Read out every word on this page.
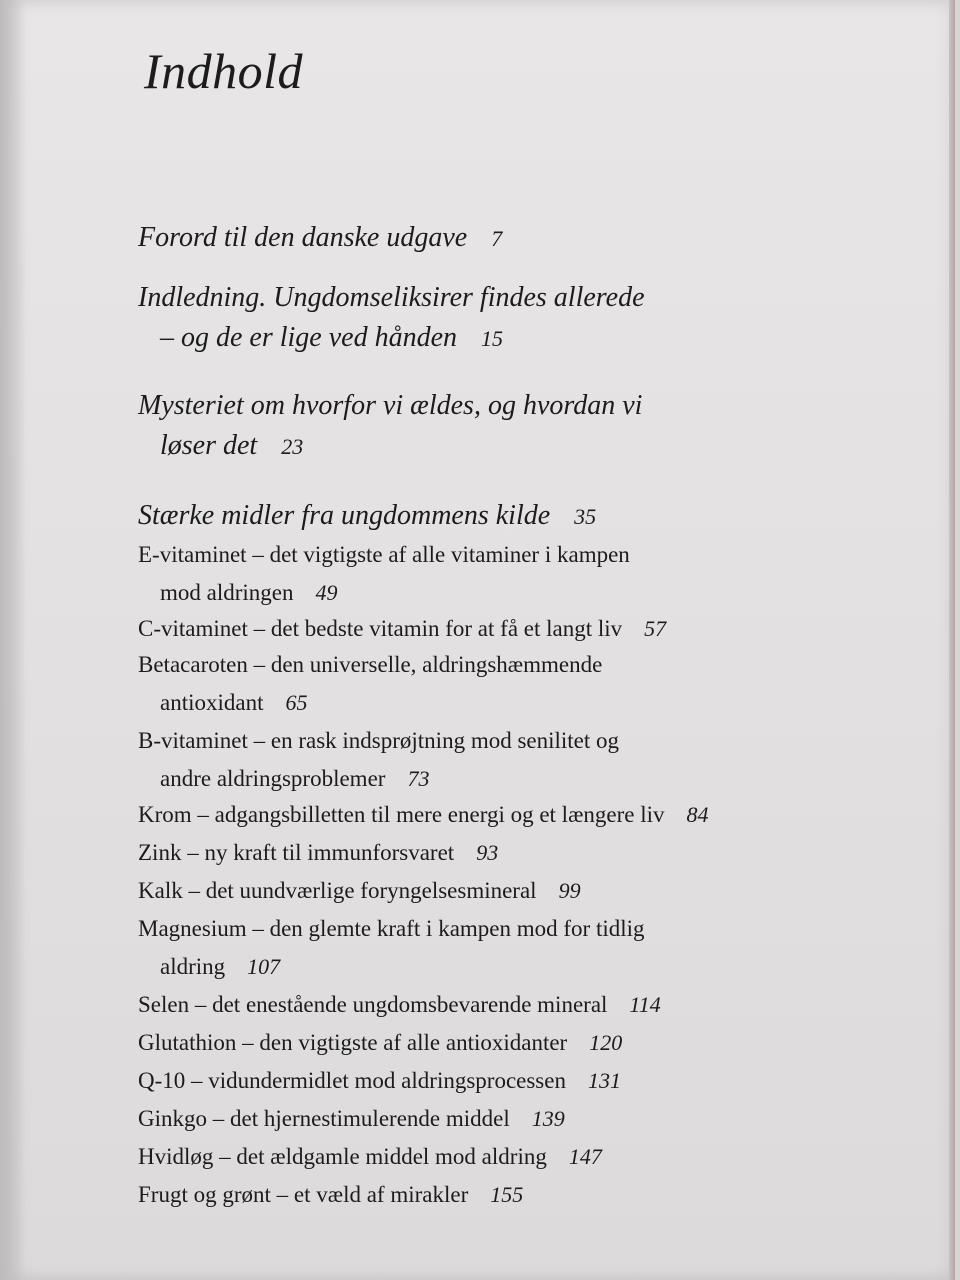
Indhold

Forord til den danske udgave 7

Indledning. Ungdomseliksirer findes allerede
– og de er lige ved hånden 15

Mysteriet om hvorfor vi ældes, og hvordan vi
løser det 23

Stærke midler fra ungdommens kilde 35

E-vitaminet – det vigtigste af alle vitaminer i kampen
mod aldringen 49

C-vitaminet – det bedste vitamin for at få et langt liv 57

Betacaroten – den universelle, aldringshæmmende
antioxidant 65

B-vitaminet – en rask indsprøjtning mod senilitet og
andre aldringsproblemer 73

Krom – adgangsbilletten til mere energi og et længere liv 84

Zink – ny kraft til immunforsvaret 93

Kalk – det uundværlige foryngelsesmineral 99

Magnesium – den glemte kraft i kampen mod for tidlig
aldring 107

Selen – det enestående ungdomsbevarende mineral 114

Glutathion – den vigtigste af alle antioxidanter 120

Q-10 – vidundermidlet mod aldringsprocessen 131

Ginkgo – det hjernestimulerende middel 139

Hvidløg – det ældgamle middel mod aldring 147

Frugt og grønt – et væld af mirakler 155
